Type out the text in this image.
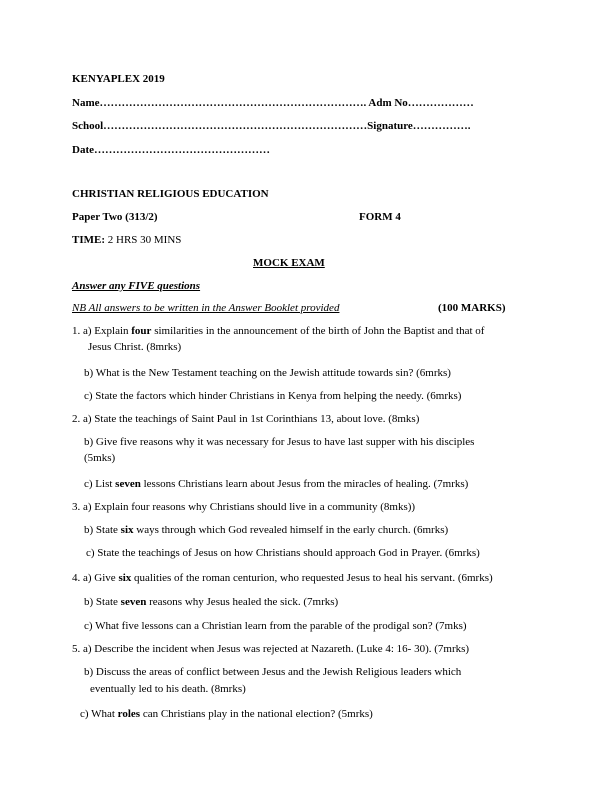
KENYAPLEX 2019
Name………………………………………………………………. Adm No………………
School………………………………………………………………Signature…………….
Date…………………………………………
CHRISTIAN RELIGIOUS EDUCATION
Paper Two (313/2)	FORM 4
TIME: 2 HRS 30 MINS
MOCK EXAM
Answer any FIVE questions
NB All answers to be written in the Answer Booklet provided	(100 MARKS)
1. a) Explain four similarities in the announcement of the birth of John the Baptist and that of
Jesus Christ. (8mrks)
b) What is the New Testament teaching on the Jewish attitude towards sin? (6mrks)
c) State the factors which hinder Christians in Kenya from helping the needy. (6mrks)
2. a) State the teachings of Saint Paul in 1st Corinthians 13, about love. (8mks)
b) Give five reasons why it was necessary for Jesus to have last supper with his disciples
(5mks)
c) List seven lessons Christians learn about Jesus from the miracles of healing. (7mrks)
3. a) Explain four reasons why Christians should live in a community (8mks))
b) State six ways through which God revealed himself in the early church. (6mrks)
c) State the teachings of Jesus on how Christians should approach God in Prayer. (6mrks)
4. a) Give six qualities of the roman centurion, who requested Jesus to heal his servant. (6mrks)
b) State seven reasons why Jesus healed the sick. (7mrks)
c) What five lessons can a Christian learn from the parable of the prodigal son? (7mks)
5. a) Describe the incident when Jesus was rejected at Nazareth. (Luke 4: 16- 30). (7mrks)
b) Discuss the areas of conflict between Jesus and the Jewish Religious leaders which
eventually led to his death. (8mrks)
c) What roles can Christians play in the national election? (5mrks)
